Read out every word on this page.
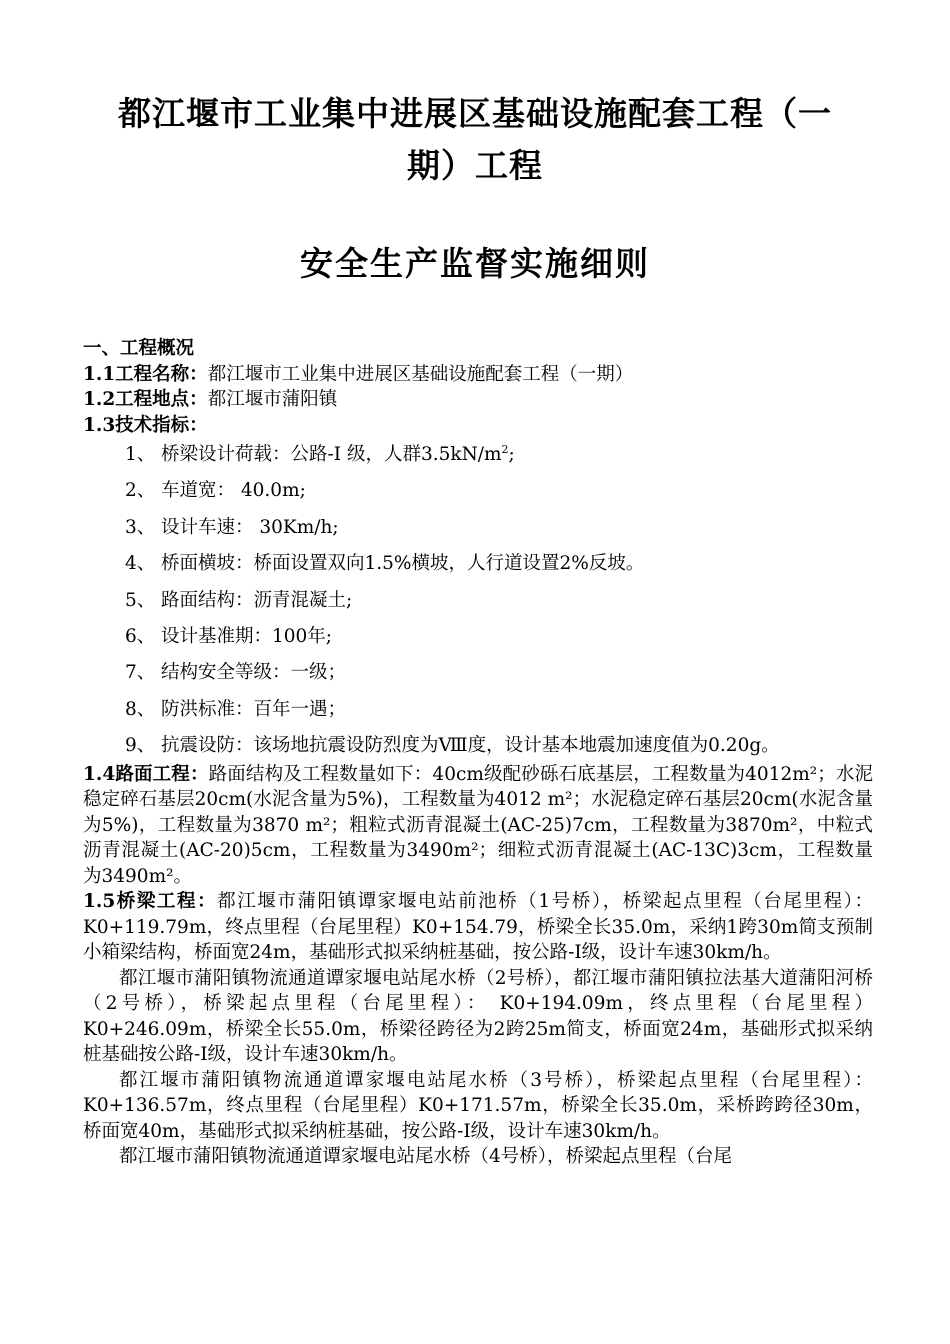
都江堰市工业集中进展区基础设施配套工程（一
期）工程
安全生产监督实施细则
一、工程概况
1.1工程名称：都江堰市工业集中进展区基础设施配套工程（一期）
1.2工程地点：都江堰市蒲阳镇
1.3技术指标：
1、 桥梁设计荷载：公路-Ⅰ 级，人群$3.5kN/m^2$;
2、 车道宽： 40.0m;
3、 设计车速： 30Km/h;
4、 桥面横坡：桥面设置双向1.5%横坡，人行道设置2%反坡。
5、 路面结构：沥青混凝土;
6、 设计基准期：100年;
7、 结构安全等级：一级；
8、 防洪标准：百年一遇；
9、 抗震设防：该场地抗震设防烈度为Ⅷ度，设计基本地震加速度值为0.20g。
1.4路面工程：路面结构及工程数量如下：40cm级配砂砾石底基层，工程数量为4012m²；水泥稳定碎石基层20cm(水泥含量为5%)，工程数量为4012 m²；水泥稳定碎石基层20cm(水泥含量为5%)，工程数量为3870 m²；粗粒式沥青混凝土(AC-25)7cm，工程数量为3870m²，中粒式沥青混凝土(AC-20)5cm，工程数量为3490m²；细粒式沥青混凝土(AC-13C)3cm，工程数量为3490m²。
1.5桥梁工程：都江堰市蒲阳镇谭家堰电站前池桥（1号桥），桥梁起点里程（台尾里程）：K0+119.79m，终点里程（台尾里程）K0+154.79，桥梁全长35.0m，采纳1跨30m简支预制小箱梁结构，桥面宽24m，基础形式拟采纳桩基础，按公路-I级，设计车速30km/h。
都江堰市蒲阳镇物流通道谭家堰电站尾水桥（2号桥），都江堰市蒲阳镇拉法基大道蒲阳河桥（2号桥），桥梁起点里程（台尾里程）： K0+194.09m，终点里程（台尾里程）K0+246.09m，桥梁全长55.0m，桥梁径跨径为2跨25m简支，桥面宽24m，基础形式拟采纳桩基础按公路-I级，设计车速30km/h。
都江堰市蒲阳镇物流通道谭家堰电站尾水桥（3号桥），桥梁起点里程（台尾里程）：K0+136.57m，终点里程（台尾里程）K0+171.57m，桥梁全长35.0m，采桥跨跨径30m，桥面宽40m，基础形式拟采纳桩基础，按公路-I级，设计车速30km/h。
都江堰市蒲阳镇物流通道谭家堰电站尾水桥（4号桥），桥梁起点里程（台尾
